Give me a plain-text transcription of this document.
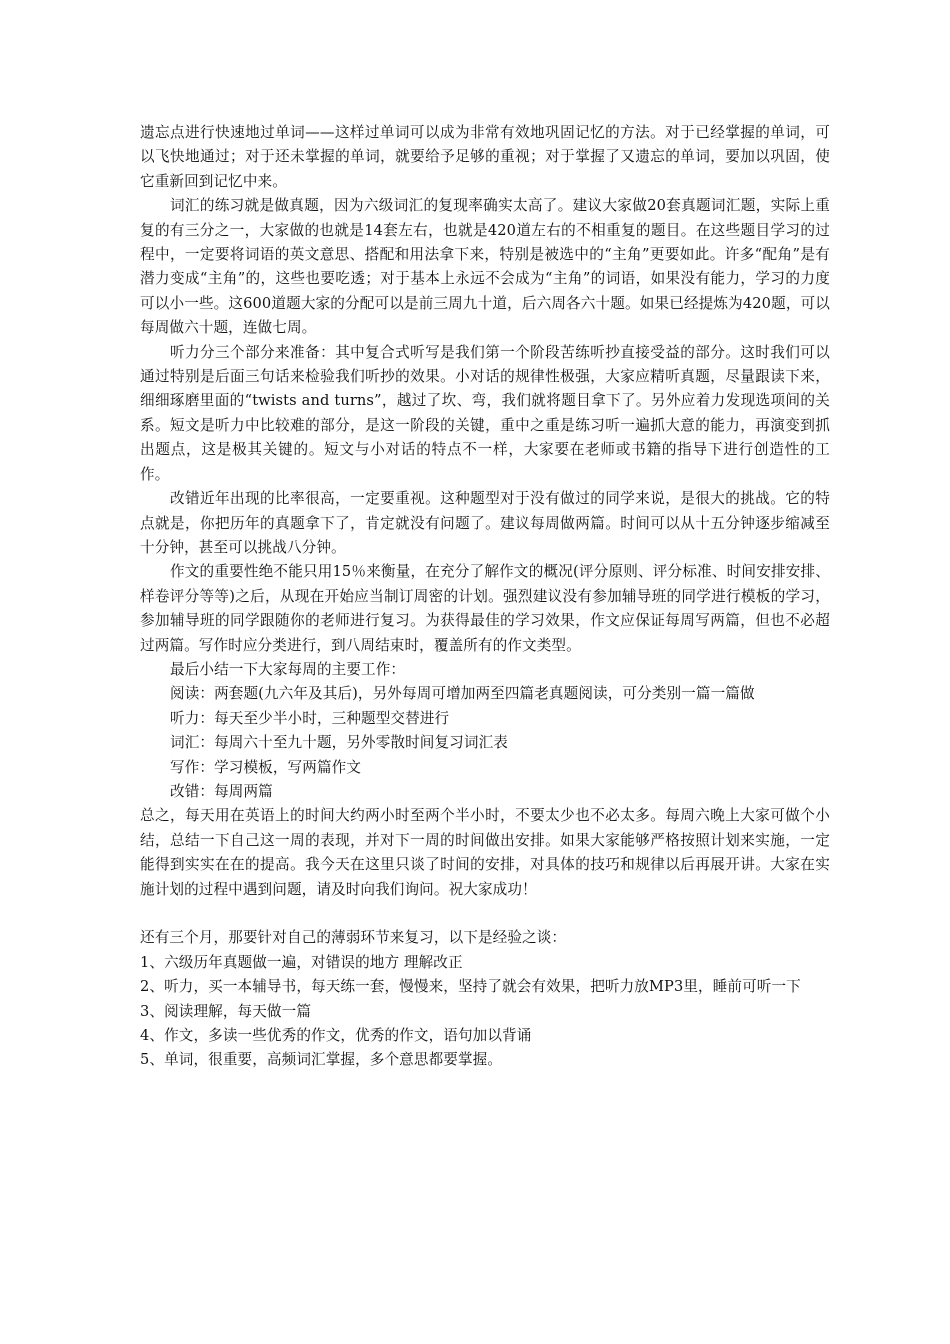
遗忘点进行快速地过单词——这样过单词可以成为非常有效地巩固记忆的方法。对于已经掌握的单词，可以飞快地通过；对于还未掌握的单词，就要给予足够的重视；对于掌握了又遗忘的单词，要加以巩固，使它重新回到记忆中来。

词汇的练习就是做真题，因为六级词汇的复现率确实太高了。建议大家做20套真题词汇题，实际上重复的有三分之一，大家做的也就是14套左右，也就是420道左右的不相重复的题目。在这些题目学习的过程中，一定要将词语的英文意思、搭配和用法拿下来，特别是被选中的“主角”更要如此。许多“配角”是有潜力变成“主角”的，这些也要吃透；对于基本上永远不会成为“主角”的词语，如果没有能力，学习的力度可以小一些。这600道题大家的分配可以是前三周九十道，后六周各六十题。如果已经提炼为420题，可以每周做六十题，连做七周。

听力分三个部分来准备：其中复合式听写是我们第一个阶段苦练听抄直接受益的部分。这时我们可以通过特别是后面三句话来检验我们听抄的效果。小对话的规律性极强，大家应精听真题，尽量跟读下来，细细琢磨里面的“twists and turns”，越过了坎、弯，我们就将题目拿下了。另外应着力发现选项间的关系。短文是听力中比较难的部分，是这一阶段的关键，重中之重是练习听一遍抓大意的能力，再演变到抓出题点，这是极其关键的。短文与小对话的特点不一样，大家要在老师或书籍的指导下进行创造性的工作。

改错近年出现的比率很高，一定要重视。这种题型对于没有做过的同学来说，是很大的挑战。它的特点就是，你把历年的真题拿下了，肯定就没有问题了。建议每周做两篇。时间可以从十五分钟逐步缩减至十分钟，甚至可以挑战八分钟。

作文的重要性绝不能只用15％来衡量，在充分了解作文的概况(评分原则、评分标准、时间安排安排、样卷评分等等)之后，从现在开始应当制订周密的计划。强烈建议没有参加辅导班的同学进行模板的学习，参加辅导班的同学跟随你的老师进行复习。为获得最佳的学习效果，作文应保证每周写两篇，但也不必超过两篇。写作时应分类进行，到八周结束时，覆盖所有的作文类型。

最后小结一下大家每周的主要工作：

阅读：两套题(九六年及其后)，另外每周可增加两至四篇老真题阅读，可分类别一篇一篇做

听力：每天至少半小时，三种题型交替进行

词汇：每周六十至九十题，另外零散时间复习词汇表

写作：学习模板，写两篇作文

改错：每周两篇

总之，每天用在英语上的时间大约两小时至两个半小时，不要太少也不必太多。每周六晚上大家可做个小结，总结一下自己这一周的表现，并对下一周的时间做出安排。如果大家能够严格按照计划来实施，一定能得到实实在在的提高。我今天在这里只谈了时间的安排，对具体的技巧和规律以后再展开讲。大家在实施计划的过程中遇到问题，请及时向我们询问。祝大家成功！

还有三个月，那要针对自己的薄弱环节来复习，以下是经验之谈：

1、六级历年真题做一遍，对错误的地方 理解改正

2、听力，买一本辅导书，每天练一套，慢慢来，坚持了就会有效果，把听力放MP3里，睡前可听一下

3、阅读理解，每天做一篇

4、作文，多读一些优秀的作文，优秀的作文，语句加以背诵

5、单词，很重要，高频词汇掌握，多个意思都要掌握。
